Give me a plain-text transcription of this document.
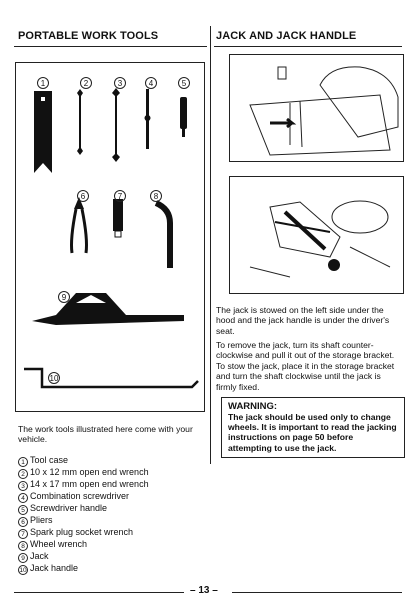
PORTABLE WORK TOOLS
1	2	3	4	5
6	7	8
9
10
The work tools illustrated here come with your vehicle.
1 Tool case
2 10 x 12 mm open end wrench
3 14 x 17 mm open end wrench
4 Combination screwdriver
5 Screwdriver handle
6 Pliers
7 Spark plug socket wrench
8 Wheel wrench
9 Jack
10 Jack handle
JACK AND JACK HANDLE
The jack is stowed on the left side under the hood and the jack handle is under the driver's seat.
To remove the jack, turn its shaft counter-clockwise and pull it out of the storage bracket. To stow the jack, place it in the storage bracket and turn the shaft clockwise until the jack is firmly fixed.
WARNING:
The jack should be used only to change wheels. It is important to read the jacking instructions on page 50 before attempting to use the jack.
– 13 –
